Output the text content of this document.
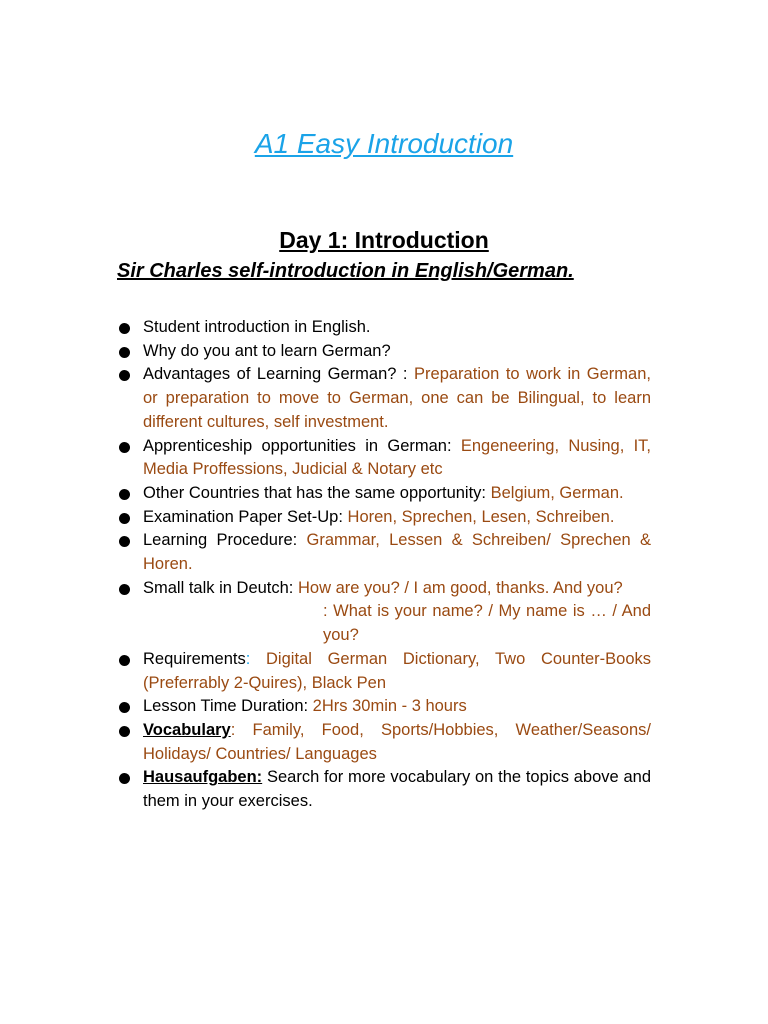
A1 Easy Introduction
Day 1: Introduction
Sir Charles self-introduction in English/German.
Student introduction in English.
Why do you ant to learn German?
Advantages of Learning German? : Preparation to work in German, or preparation to move to German, one can be Bilingual, to learn different cultures, self investment.
Apprenticeship opportunities in German: Engeneering, Nusing, IT, Media Proffessions, Judicial & Notary etc
Other Countries that has the same opportunity: Belgium, German.
Examination Paper Set-Up: Horen, Sprechen, Lesen, Schreiben.
Learning Procedure: Grammar, Lessen & Schreiben/ Sprechen & Horen.
Small talk in Deutch: How are you? / I am good, thanks. And you?
: What is your name? / My name is … / And you?
Requirements: Digital German Dictionary, Two Counter-Books (Preferrably 2-Quires), Black Pen
Lesson Time Duration: 2Hrs 30min - 3 hours
Vocabulary: Family, Food, Sports/Hobbies, Weather/Seasons/ Holidays/ Countries/ Languages
Hausaufgaben: Search for more vocabulary on the topics above and them in your exercises.
